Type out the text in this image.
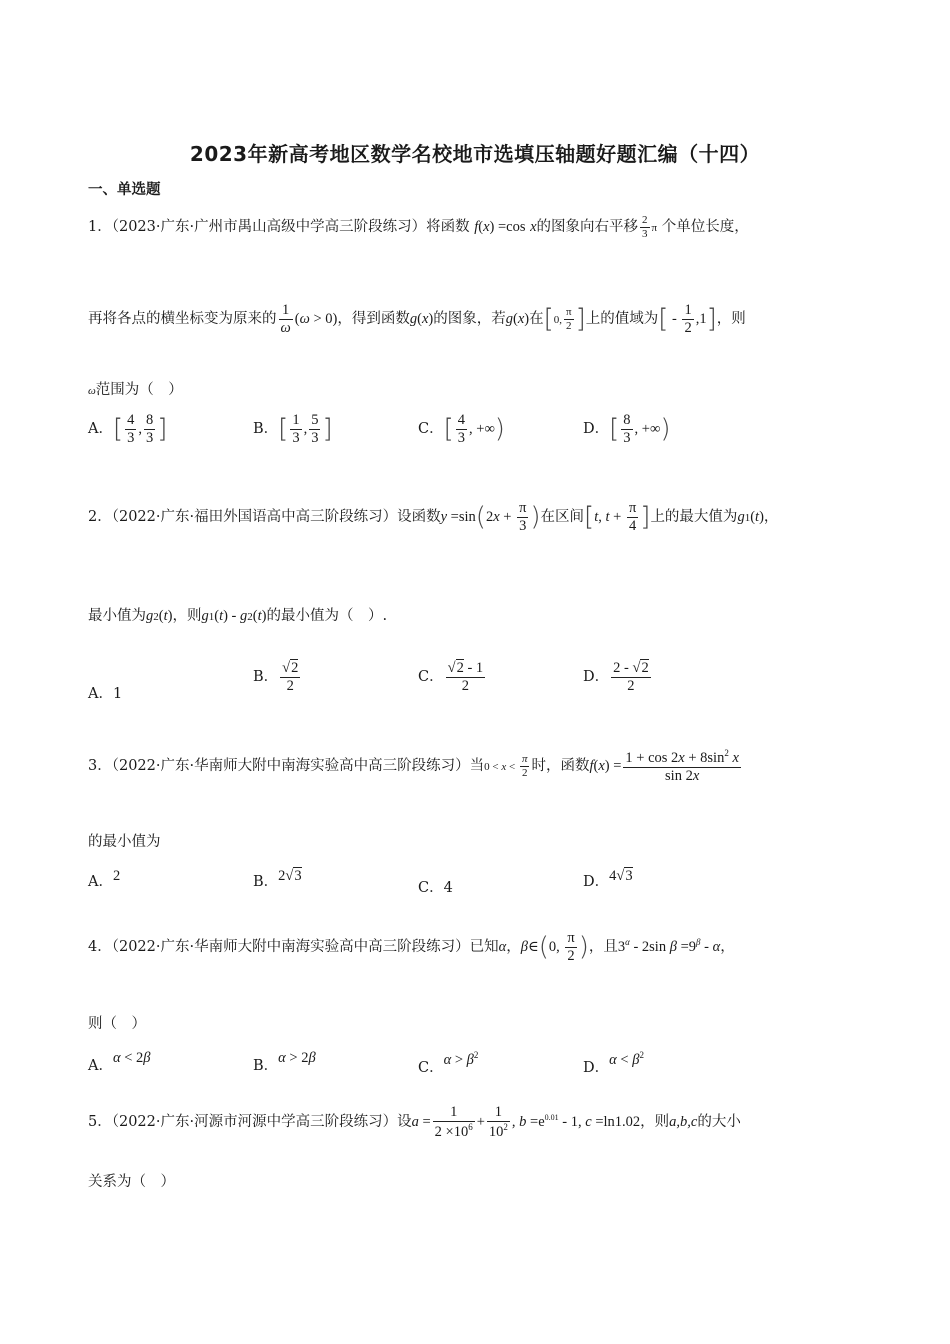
2023年新高考地区数学名校地市选填压轴题好题汇编（十四）
一、单选题
1．（2023·广东·广州市禺山高级中学高三阶段练习）将函数 f(x) =cos x的图象向右平移 $\frac{2}{3}$ π 个单位长度，
再将各点的横坐标变为原来的 $\frac{1}{\omega} (\omega > 0)$，得到函数g(x)的图象，若g(x)在[0, $\frac{\pi}{2}$ ]上的值域为[ - $\frac{1}{2} ,1$]，则
ω范围为（　）
A．[ $\frac{4}{3}$ , $\frac{8}{3}$ ]	B．[ $\frac{1}{3}$ , $\frac{5}{3}$ ]	C．[ $\frac{4}{3}$ , +∞)	D．[ $\frac{8}{3}$ , +∞)
2．（2022·广东·福田外国语高中高三阶段练习）设函数$y =\sin(2x + \frac{\pi}{3}$ )在区间[t, $t + \frac{\pi}{4}$ ]上的最大值为g1(t)，
最小值为g2(t)，则g1(t) - g2(t)的最小值为（　）.
A．1
B． $\frac{√2}{2}$	C． $\frac{√2 - 1}{2}$	D． $\frac{2 - √2}{2}$
3．（2022·广东·华南师大附中南海实验高中高三阶段练习）当$0 < x < \frac{\pi}{2}$ 时，函数$f(x) = \frac{1 + \cos 2x + 8\sin^2 x}{\sin 2x}$
的最小值为
A．2	B．2√3
C．4	D．4√3
4．（2022·广东·华南师大附中南海实验高中高三阶段练习）已知α，β∈(0, $\frac{\pi}{2}$ )，且$3^\alpha - 2\sin$ $\beta =9^\beta - \alpha$，
则（　）
A．α < 2β	B．α > 2β
C．$\alpha > \beta^2$
D．$\alpha < \beta^2$
5．（2022·广东·河源市河源中学高三阶段练习）设$a = \frac{1}{2 \times 10^6} + \frac{1}{10^2}$ , $b =e^{0.01} - 1$, c =ln1.02，则a,b,c的大小
关系为（　）
